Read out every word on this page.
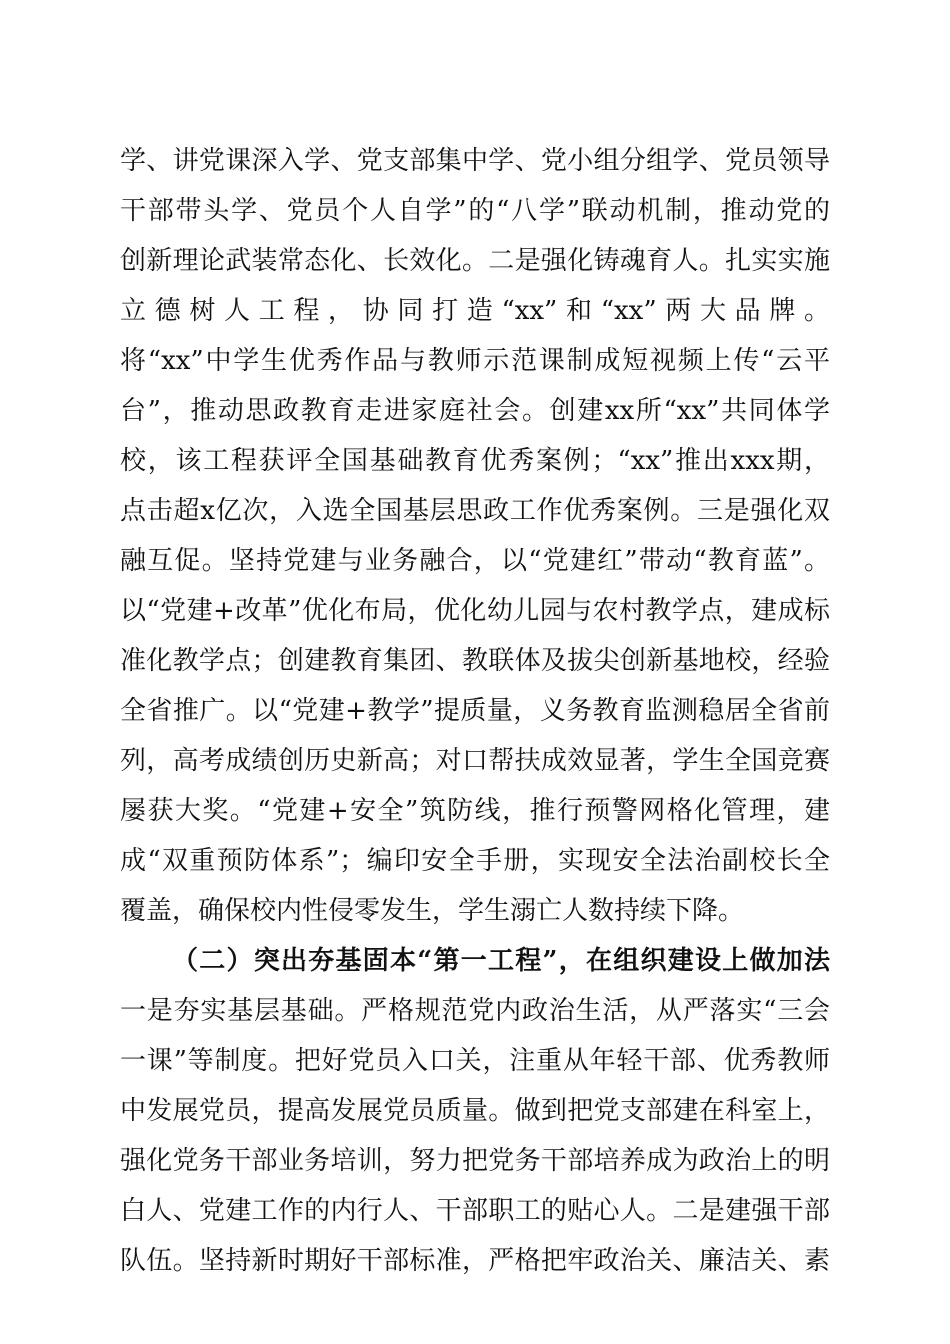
学、讲党课深入学、党支部集中学、党小组分组学、党员领导
干部带头学、党员个人自学”的“八学”联动机制，推动党的
创新理论武装常态化、长效化。二是强化铸魂育人。扎实实施
立德树人工程，协同打造“xx”和“xx”两大品牌。
将“xx”中学生优秀作品与教师示范课制成短视频上传“云平
台”，推动思政教育走进家庭社会。创建xx所“xx”共同体学
校，该工程获评全国基础教育优秀案例；“xx”推出xxx期，
点击超x亿次，入选全国基层思政工作优秀案例。三是强化双
融互促。坚持党建与业务融合，以“党建红”带动“教育蓝”。
以“党建+改革”优化布局，优化幼儿园与农村教学点，建成标
准化教学点；创建教育集团、教联体及拔尖创新基地校，经验
全省推广。以“党建+教学”提质量，义务教育监测稳居全省前
列，高考成绩创历史新高；对口帮扶成效显著，学生全国竞赛
屡获大奖。“党建+安全”筑防线，推行预警网格化管理，建
成“双重预防体系”；编印安全手册，实现安全法治副校长全
覆盖，确保校内性侵零发生，学生溺亡人数持续下降。
（二）突出夯基固本“第一工程”，在组织建设上做加法
一是夯实基层基础。严格规范党内政治生活，从严落实“三会
一课”等制度。把好党员入口关，注重从年轻干部、优秀教师
中发展党员，提高发展党员质量。做到把党支部建在科室上，
强化党务干部业务培训，努力把党务干部培养成为政治上的明
白人、党建工作的内行人、干部职工的贴心人。二是建强干部
队伍。坚持新时期好干部标准，严格把牢政治关、廉洁关、素
